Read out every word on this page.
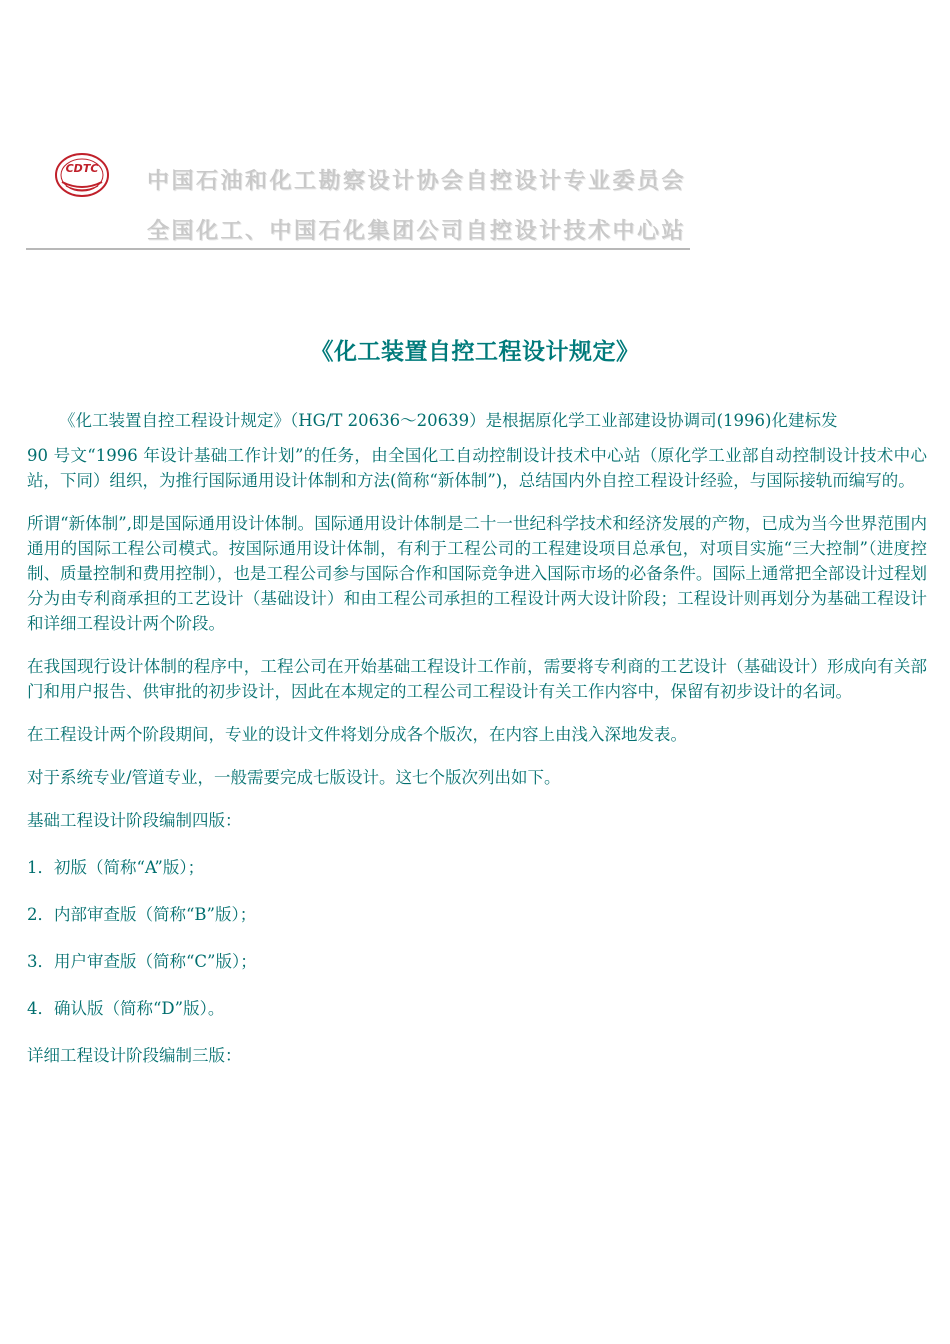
CDTC
中国石油和化工勘察设计协会自控设计专业委员会
全国化工、中国石化集团公司自控设计技术中心站
《化工装置自控工程设计规定》

《化工装置自控工程设计规定》（HG/T 20636～20639）是根据原化学工业部建设协调司(1996)化建标发

90 号文“1996 年设计基础工作计划”的任务，由全国化工自动控制设计技术中心站（原化学工业部自动控制设计技术中心站，下同）组织，为推行国际通用设计体制和方法(简称“新体制”)，总结国内外自控工程设计经验，与国际接轨而编写的。

所谓“新体制”,即是国际通用设计体制。国际通用设计体制是二十一世纪科学技术和经济发展的产物，已成为当今世界范围内通用的国际工程公司模式。按国际通用设计体制，有利于工程公司的工程建设项目总承包，对项目实施“三大控制”（进度控制、质量控制和费用控制），也是工程公司参与国际合作和国际竞争进入国际市场的必备条件。国际上通常把全部设计过程划分为由专利商承担的工艺设计（基础设计）和由工程公司承担的工程设计两大设计阶段；工程设计则再划分为基础工程设计和详细工程设计两个阶段。

在我国现行设计体制的程序中，工程公司在开始基础工程设计工作前，需要将专利商的工艺设计（基础设计）形成向有关部门和用户报告、供审批的初步设计，因此在本规定的工程公司工程设计有关工作内容中，保留有初步设计的名词。

在工程设计两个阶段期间，专业的设计文件将划分成各个版次，在内容上由浅入深地发表。

对于系统专业/管道专业，一般需要完成七版设计。这七个版次列出如下。

基础工程设计阶段编制四版：

1．初版（简称“A”版）；

2．内部审查版（简称“B”版）；

3．用户审查版（简称“C”版）；

4．确认版（简称“D”版）。

详细工程设计阶段编制三版：
